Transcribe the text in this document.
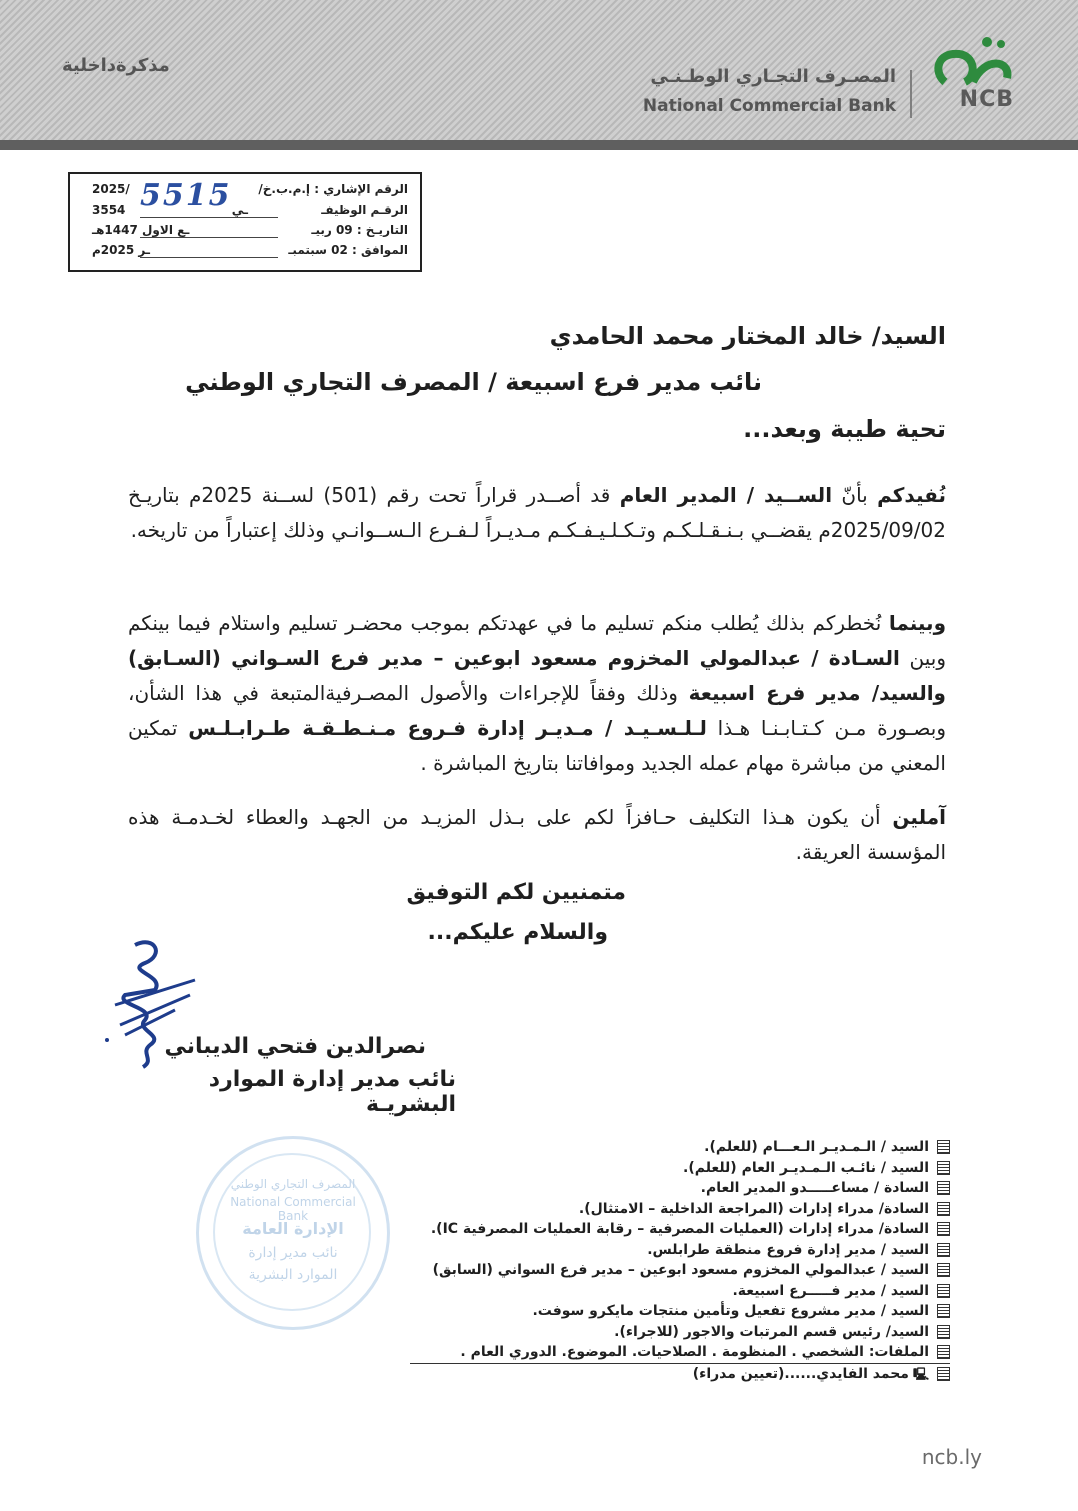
مذكرةداخلية
المصـرف التجـاري الوطـنـي
National Commercial Bank	NCB
5515 الرقم الإشاري : إ.م.ب.خ/
2025/
الرقـم الوظيفـ
ـي
3554
التاريـخ : 09 ربيـ
ـع الاول 1447هـ
الموافق : 02 سبتمبـ
ـر 2025م
السيد/ خالد المختار محمد الحامدي
نائب مدير فرع اسبيعة / المصرف التجاري الوطني
تحية طيبة وبعد...
نُفيدكم بأنّ الســيد / المدير العام قد أصــدر قراراً تحت رقم (501) لســنة 2025م بتاريـخ 2025/09/02م يقضــي بـنـقـلـكـم وتـكـلـيـفـكـم مـديـراً لـفـرع الـســوانـي وذلك إعتباراً من تاريخه.
وبينما نُخطركم بذلك يُطلب منكم تسليم ما في عهدتكم بموجب محضـر تسليم واستلام فيما بينكم وبين السـادة / عبدالمولي المخزوم مسعود ابوعين – مدير فرع السـواني (السـابق) والسيد/ مدير فرع اسبيعة وذلك وفقاً للإجراءات والأصول المصـرفيةالمتبعة في هذا الشأن، وبصـورة مـن كـتـابـنـا هـذا لـلـسـيـد / مـديـر إدارة فـروع مـنـطـقـة طـرابـلـس تمكين المعني من مباشرة مهام عمله الجديد وموافاتنا بتاريخ المباشرة .
آملين أن يكون هـذا التكليف حـافزاً لكم على بـذل المزيـد من الجهـد والعطاء لخـدمـة هذه المؤسسة العريقة.
متمنيين لكم التوفيق
والسلام عليكم...
نصرالدين فتحي الديباني
نائب مدير إدارة الموارد البشريـة
المصرف التجاري الوطني
National Commercial Bank
الإدارة العامة
نائب مدير إدارة
الموارد البشرية
السيد / الـمـديـر الـعـــام (للعلم).
السيد / نائـب الـمـديـر العام (للعلم).
السادة / مساعـــــدو المدير العام.
السادة/ مدراء إدارات (المراجعة الداخلية – الامتثال).
السادة/ مدراء إدارات (العمليات المصرفية – رقابة العمليات المصرفية IC).
السيد / مدير إدارة فروع منطقة طرابلس.
السيد / عبدالمولي المخزوم مسعود ابوعين – مدير فرع السواني (السابق)
السيد / مدير فـــــرع اسبيعة.
السيد / مدير مشروع تفعيل وتأمين منتجات مايكرو سوفت.
السيد/ رئيس قسم المرتبات والاجور (للاجراء).
الملفات: الشخصي . المنظومة . الصلاحيات. الموضوع. الدوري العام .
🖳محمد الفايدي......(تعيين مدراء)
ncb.ly
